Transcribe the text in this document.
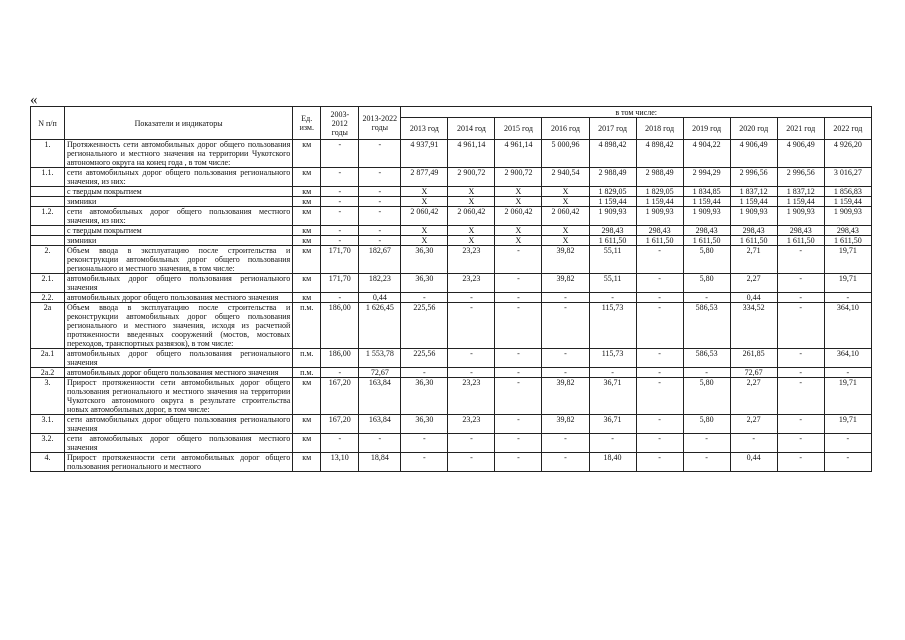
«
N п/п	Показатели и индикаторы	Ед. изм.	2003-2012 годы	2013-2022 годы	в том числе:									
					2013 год	2014 год	2015 год	2016 год	2017 год	2018 год	2019 год	2020 год	2021 год	2022 год
1.	Протяженность сети автомобильных дорог общего пользования регионального и местного значения на территории Чукотского автономного округа на конец года , в том числе:	км	-	-	4 937,91	4 961,14	4 961,14	5 000,96	4 898,42	4 898,42	4 904,22	4 906,49	4 906,49	4 926,20
1.1.	сети автомобильных дорог общего пользования регионального значения, из них:	км	-	-	2 877,49	2 900,72	2 900,72	2 940,54	2 988,49	2 988,49	2 994,29	2 996,56	2 996,56	3 016,27
	с твердым покрытием	км	-	-	Х	Х	Х	Х	1 829,05	1 829,05	1 834,85	1 837,12	1 837,12	1 856,83
	зимники	км	-	-	Х	Х	Х	Х	1 159,44	1 159,44	1 159,44	1 159,44	1 159,44	1 159,44
1.2.	сети автомобильных дорог общего пользования местного значения, из них:	км	-	-	2 060,42	2 060,42	2 060,42	2 060,42	1 909,93	1 909,93	1 909,93	1 909,93	1 909,93	1 909,93
	с твердым покрытием	км	-	-	Х	Х	Х	Х	298,43	298,43	298,43	298,43	298,43	298,43
	зимники	км	-	-	Х	Х	Х	Х	1 611,50	1 611,50	1 611,50	1 611,50	1 611,50	1 611,50
2.	Объем ввода в эксплуатацию после строительства и реконструкции автомобильных дорог общего пользования регионального и местного значения, в том числе:	км	171,70	182,67	36,30	23,23	-	39,82	55,11	-	5,80	2,71	-	19,71
2.1.	автомобильных дорог общего пользования регионального значения	км	171,70	182,23	36,30	23,23	-	39,82	55,11	-	5,80	2,27	-	19,71
2.2.	автомобильных дорог общего пользования местного значения	км	-	0,44	-	-	-	-	-	-	-	0,44	-	-
2а	Объем ввода в эксплуатацию после строительства и реконструкции автомобильных дорог общего пользования регионального и местного значения, исходя из расчетной протяженности введенных сооружений (мостов, мостовых переходов, транспортных развязок), в том числе:	п.м.	186,00	1 626,45	225,56	-	-	-	115,73	-	586,53	334,52	-	364,10
2а.1	автомобильных дорог общего пользования регионального значения	п.м.	186,00	1 553,78	225,56	-	-	-	115,73	-	586,53	261,85	-	364,10
2а.2	автомобильных дорог общего пользования местного значения	п.м.	-	72,67	-	-	-	-	-	-	-	72,67	-	-
3.	Прирост протяженности сети автомобильных дорог общего пользования регионального и местного значения на территории Чукотского автономного округа в результате строительства новых автомобильных дорог, в том числе:	км	167,20	163,84	36,30	23,23	-	39,82	36,71	-	5,80	2,27	-	19,71
3.1.	сети автомобильных дорог общего пользования регионального значения	км	167,20	163,84	36,30	23,23	-	39,82	36,71	-	5,80	2,27	-	19,71
3.2.	сети автомобильных дорог общего пользования местного значения	км	-	-	-	-	-	-	-	-	-	-	-	-
4.	Прирост протяженности сети автомобильных дорог общего пользования регионального и местного	км	13,10	18,84	-	-	-	-	18,40	-	-	0,44	-	-
